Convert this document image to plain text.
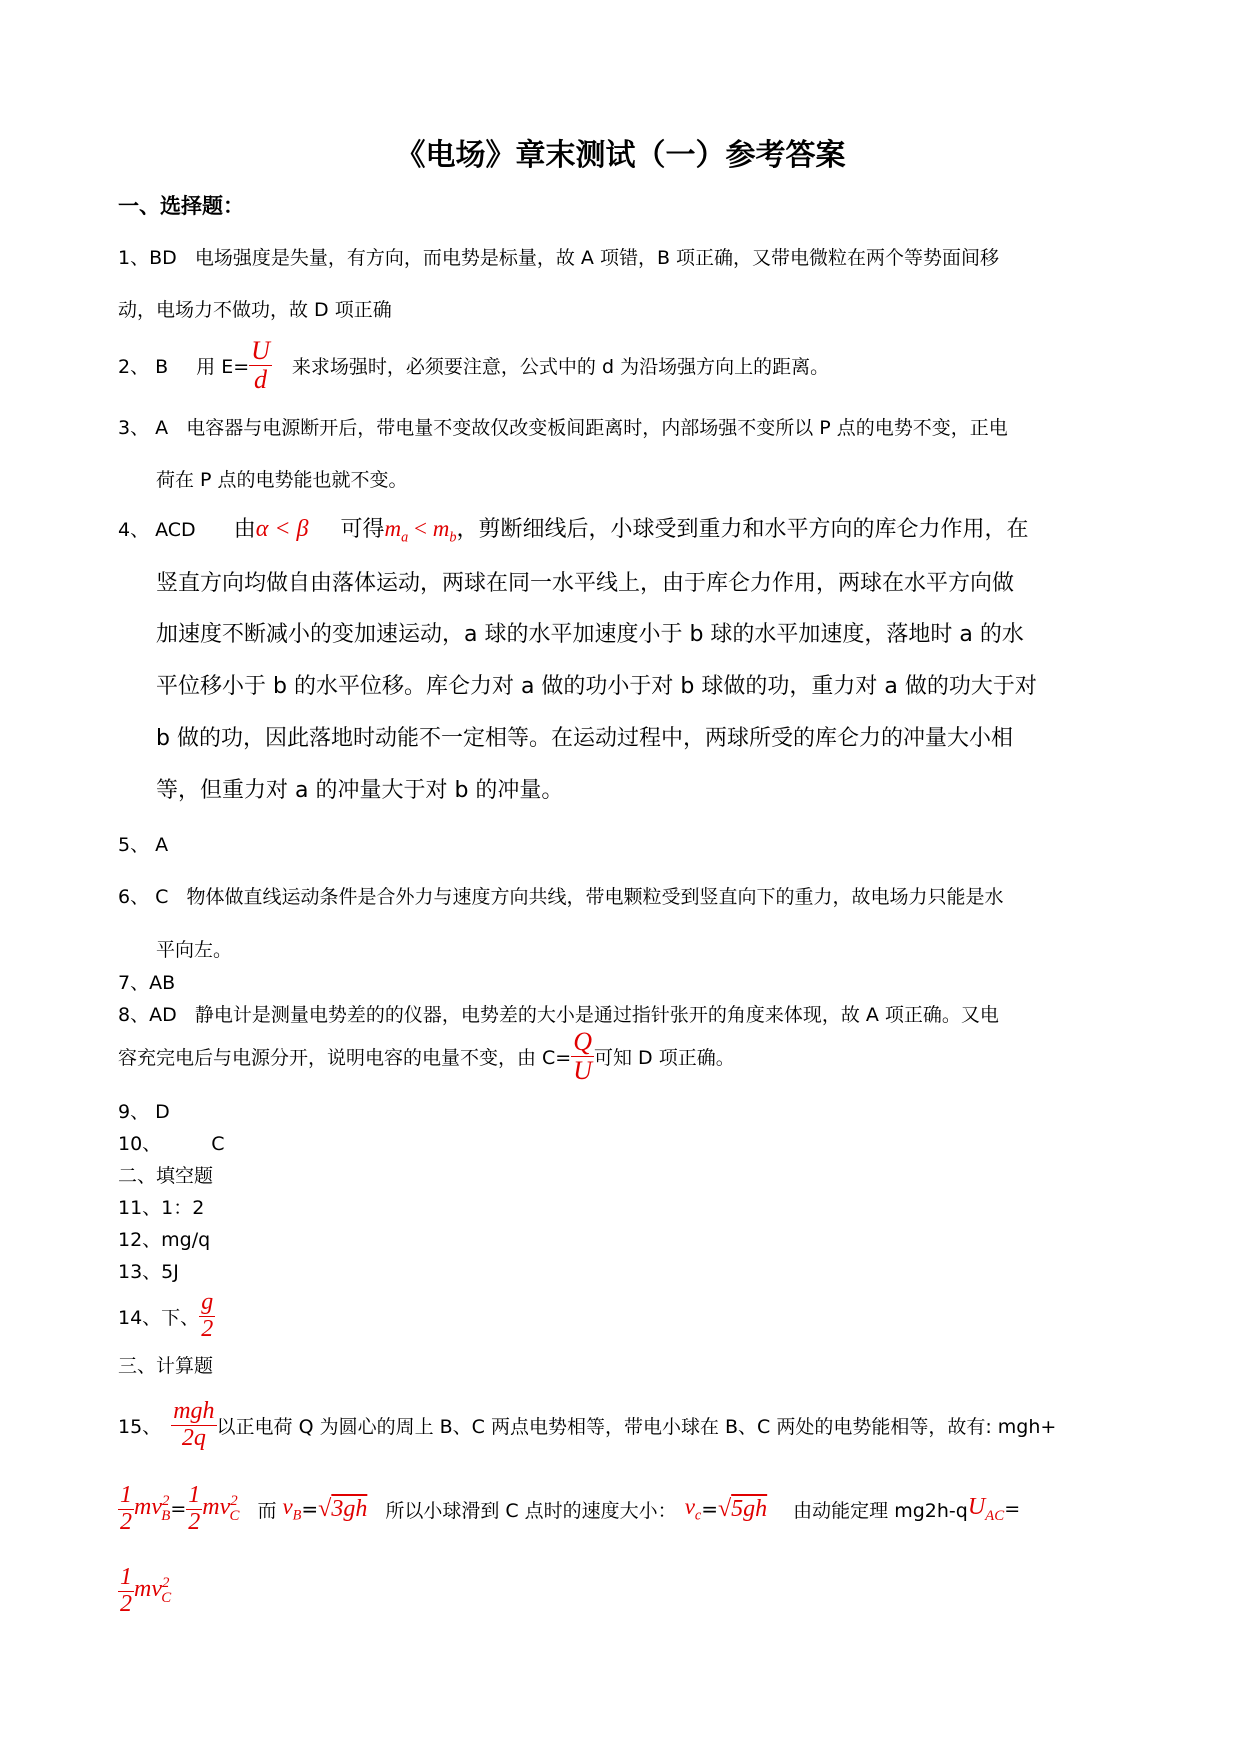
《电场》章末测试（一）参考答案
一、选择题：
1、BD 电场强度是失量，有方向，而电势是标量，故 A 项错，B 项正确，又带电微粒在两个等势面间移
动，电场力不做功，故 D 项正确
2、 B 用 $E= \frac{U}{d}$ 来求场强时，必须要注意，公式中的 d 为沿场强方向上的距离。
3、 A 电容器与电源断开后，带电量不变故仅改变板间距离时，内部场强不变所以 P 点的电势不变，正电
荷在 P 点的电势能也就不变。
4、 ACD 由α < β 可得$m_a < m_b$，剪断细线后，小球受到重力和水平方向的库仑力作用，在
竖直方向均做自由落体运动，两球在同一水平线上，由于库仑力作用，两球在水平方向做
加速度不断减小的变加速运动，a 球的水平加速度小于 b 球的水平加速度，落地时 a 的水
平位移小于 b 的水平位移。库仑力对 a 做的功小于对 b 球做的功，重力对 a 做的功大于对
b 做的功，因此落地时动能不一定相等。在运动过程中，两球所受的库仑力的冲量大小相
等，但重力对 a 的冲量大于对 b 的冲量。
5、 A
6、 C 物体做直线运动条件是合外力与速度方向共线，带电颗粒受到竖直向下的重力，故电场力只能是水
平向左。
7、AB
8、AD 静电计是测量电势差的的仪器，电势差的大小是通过指针张开的角度来体现，故 A 项正确。又电
容充完电后与电源分开，说明电容的电量不变，由 $C= \frac{Q}{U}$ 可知 D 项正确。
9、 D
10、	C
二、填空题
11、1：2
12、mg/q
13、5J
14、下、 $\frac{g}{2}$
三、计算题
15、 $\frac{\text{mgh}}{2q}$ 以正电荷 Q 为圆心的周上 B、C 两点电势相等，带电小球在 B、C 两处的电势能相等，故有: mgh+
$\frac{1}{2} mv^2_B = \frac{1}{2} mv^2_C$ 而 $v_B = √3gh$ 所以小球滑到 C 点时的速度大小： $v_c = √5gh$ 由动能定理 mg2h-q $U_{AC}$ =
$\frac{1}{2} mv^2_C$
